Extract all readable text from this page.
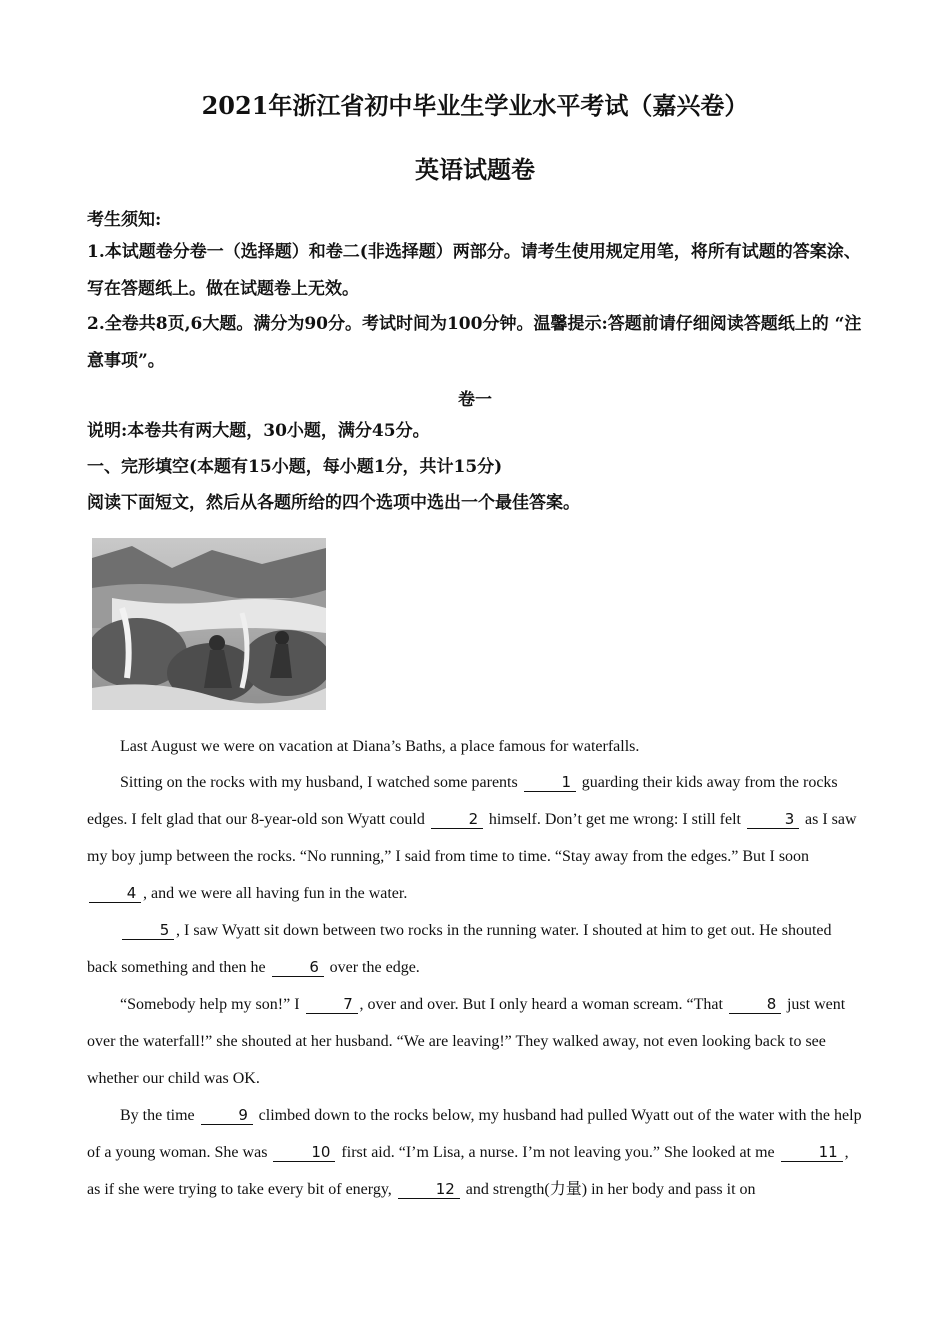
2021年浙江省初中毕业生学业水平考试（嘉兴卷）
英语试题卷
考生须知:
1.本试题卷分卷一（选择题）和卷二(非选择题）两部分。请考生使用规定用笔，将所有试题的答案涂、写在答题纸上。做在试题卷上无效。
2.全卷共8页,6大题。满分为90分。考试时间为100分钟。温馨提示:答题前请仔细阅读答题纸上的 “注意事项”。
卷一
说明:本卷共有两大题，30小题，满分45分。
一、完形填空(本题有15小题，每小题1分，共计15分)
阅读下面短文，然后从各题所给的四个选项中选出一个最佳答案。

Last August we were on vacation at Diana’s Baths, a place famous for waterfalls.

Sitting on the rocks with my husband, I watched some parents	1 guarding their kids away from the rocks edges. I felt glad that our 8-year-old son Wyatt could	2 himself. Don’t get me wrong: I still felt	3 as I saw my boy jump between the rocks. “No running,” I said from time to time. “Stay away from the edges.” But I soon 4 , and we were all having fun in the water.

5 , I saw Wyatt sit down between two rocks in the running water. I shouted at him to get out. He shouted back something and then he	6 over the edge.

“Somebody help my son!” I	7 , over and over. But I only heard a woman scream. “That	8 just went over the waterfall!” she shouted at her husband. “We are leaving!” They walked away, not even looking back to see whether our child was OK.

By the time	9 climbed down to the rocks below, my husband had pulled Wyatt out of the water with the help of a young woman. She was	10 first aid. “I’m Lisa, a nurse. I’m not leaving you.” She looked at me	11 , as if she were trying to take every bit of energy,	12 and strength(力量) in her body and pass it on
